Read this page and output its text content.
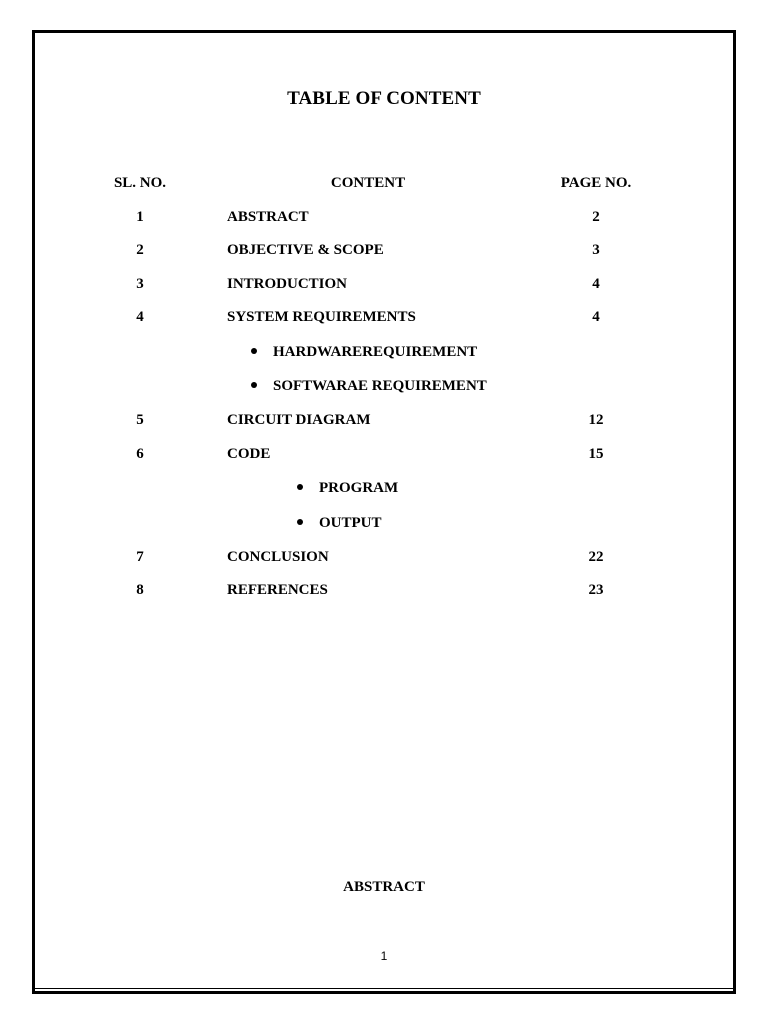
TABLE OF CONTENT
SL. NO.	CONTENT	PAGE NO.
1	ABSTRACT	2
2	OBJECTIVE & SCOPE	3
3	INTRODUCTION	4
4	SYSTEM REQUIREMENTS	4
HARDWAREREQUIREMENT
SOFTWARAE REQUIREMENT
5	CIRCUIT DIAGRAM	12
6	CODE	15
PROGRAM
OUTPUT
7	CONCLUSION	22
8	REFERENCES	23
ABSTRACT
1
